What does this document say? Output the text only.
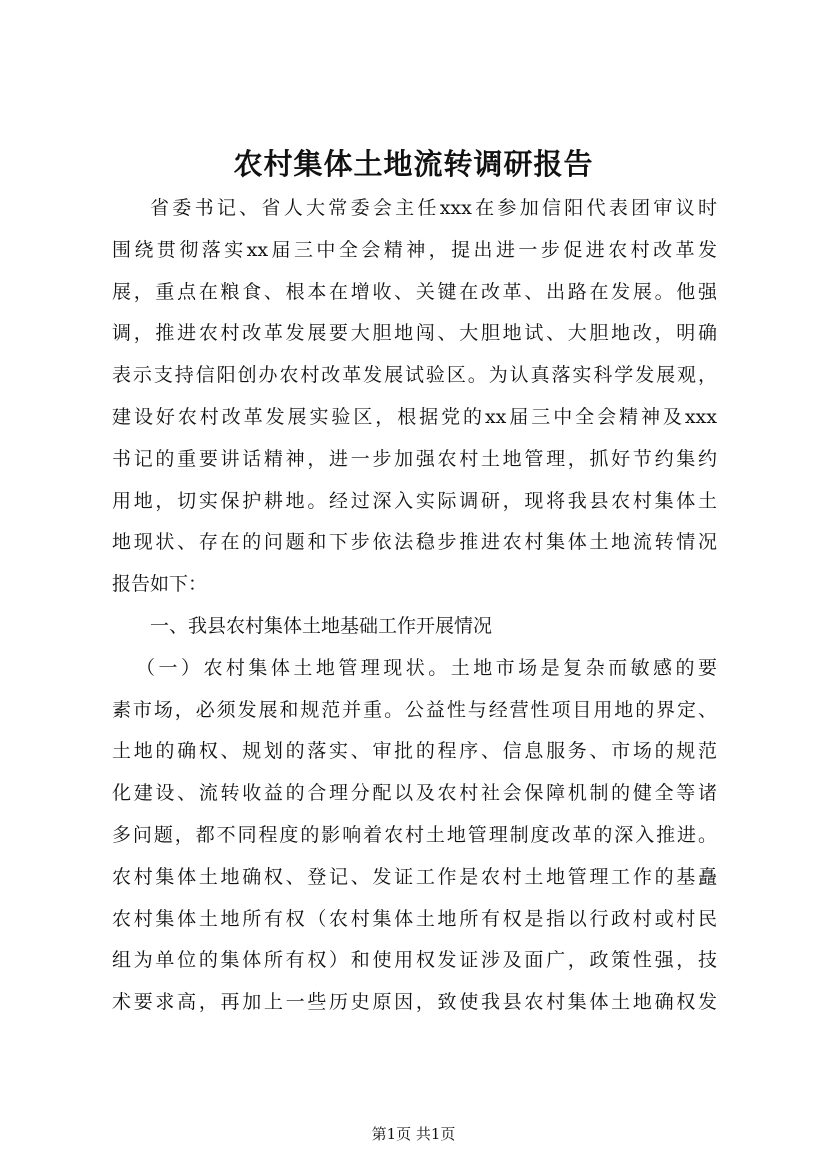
农村集体土地流转调研报告
省委书记、省人大常委会主任xxx在参加信阳代表团审议时
围绕贯彻落实xx届三中全会精神，提出进一步促进农村改革发
展，重点在粮食、根本在增收、关键在改革、出路在发展。他强
调，推进农村改革发展要大胆地闯、大胆地试、大胆地改，明确
表示支持信阳创办农村改革发展试验区。为认真落实科学发展观，
建设好农村改革发展实验区，根据党的xx届三中全会精神及xxx
书记的重要讲话精神，进一步加强农村土地管理，抓好节约集约
用地，切实保护耕地。经过深入实际调研，现将我县农村集体土
地现状、存在的问题和下步依法稳步推进农村集体土地流转情况
报告如下：
一、我县农村集体土地基础工作开展情况
（一）农村集体土地管理现状。土地市场是复杂而敏感的要
素市场，必须发展和规范并重。公益性与经营性项目用地的界定、
土地的确权、规划的落实、审批的程序、信息服务、市场的规范
化建设、流转收益的合理分配以及农村社会保障机制的健全等诸
多问题，都不同程度的影响着农村土地管理制度改革的深入推进。
农村集体土地确权、登记、发证工作是农村土地管理工作的基矗
农村集体土地所有权（农村集体土地所有权是指以行政村或村民
组为单位的集体所有权）和使用权发证涉及面广，政策性强，技
术要求高，再加上一些历史原因，致使我县农村集体土地确权发
第1页 共1页
